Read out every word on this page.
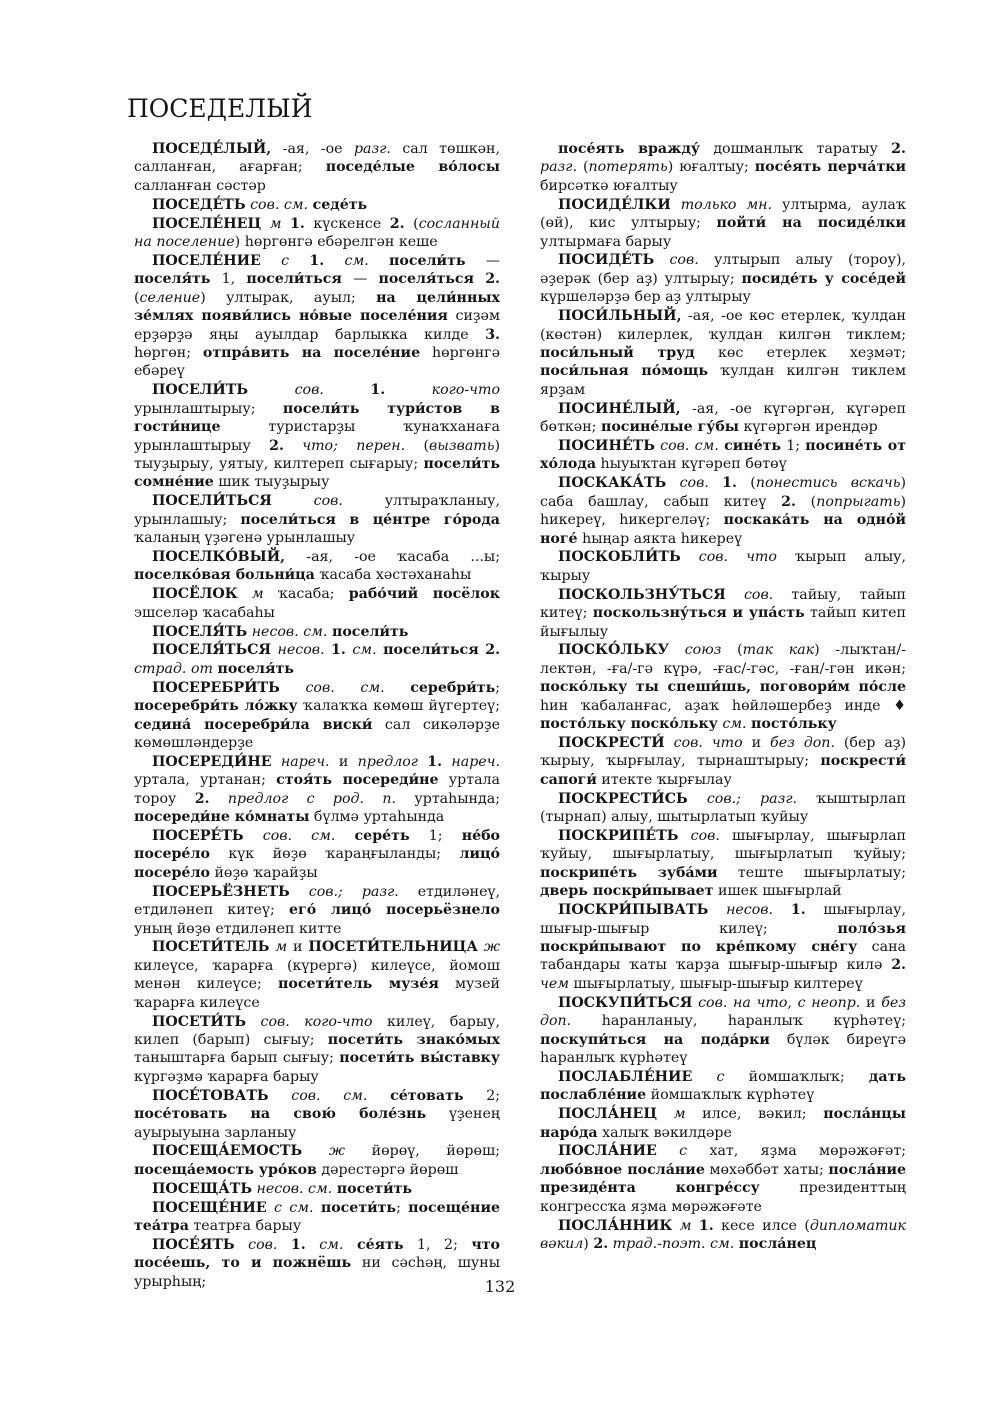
ПОСЕДЕЛЫЙ

ПОСЕДЕ́ЛЫЙ, -ая, -ое разг. сал төшкән, салланған, ағарған; поседе́лые во́лосы салланған сәстәр

ПОСЕДЕ́ТЬ сов. см. седе́ть

ПОСЕЛЕ́НЕЦ м 1. күскенсе 2. (сосланный на поселение) һөргөнгә ебәрелгән кеше

ПОСЕЛЕ́НИЕ с 1. см. посели́ть — поселя́ть 1, посели́ться — поселя́ться 2. (селение) ултырак, ауыл; на цели́нных зе́млях появи́лись но́вые поселе́ния сиҙәм ерҙәрҙә яңы ауылдар барлыкка килде 3. һөргөн; отпра́вить на поселе́ние һөргөнгә ебәреү

ПОСЕЛИ́ТЬ	сов.	1.	кого-что урынлаштырыу; посели́ть тури́стов в гости́нице туристарҙы ҡунаҡханаға урынлаштырыу 2. что; перен. (вызвать) тыуҙырыу, уятыу, килтереп сығарыу; посели́ть сомне́ние шик тыуҙырыу

ПОСЕЛИ́ТЬСЯ	сов. ултыраҡланыу, урынлашыу; посели́ться в це́нтре го́рода ҡаланың үҙәгенә урынлашыу

ПОСЕЛКО́ВЫЙ, -ая, -ое ҡасаба ...ы; поселко́вая больни́ца ҡасаба хәстәханаһы

ПОСЁЛОК м ҡасаба; рабо́чий посёлок эшселәр ҡасабаһы

ПОСЕЛЯ́ТЬ несов. см. посели́ть

ПОСЕЛЯ́ТЬСЯ несов. 1. см. посели́ться 2. страд. от поселя́ть

ПОСЕРЕБРИ́ТЬ сов. см. серебри́ть; посеребри́ть ло́жку ҡалаҡҡа көмөш йүгертеү; седина́ посеребри́ла виски́ сал сикәләрҙе көмөшләндерҙе

ПОСЕРЕДИ́НЕ нареч. и предлог 1. нареч. уртала, уртанан; стоя́ть посереди́не уртала тороу 2. предлог с род. п. уртаһында; посереди́не ко́мнаты бүлмә уртаһында

ПОСЕРЕ́ТЬ сов. см. сере́ть 1; не́бо посере́ло күк йөҙө ҡараңғыланды; лицо́ посере́ло йөҙө ҡарайҙы

ПОСЕРЬЁЗНЕТЬ сов.; разг. етдиләнеү, етдиләнеп китеү; его́ лицо́ посерьёзнело уның йөҙө етдиләнеп китте

ПОСЕТИ́ТЕЛЬ м и ПОСЕТИ́ТЕЛЬНИЦА ж килеүсе, ҡарарға (күрергә) килеүсе, йомош менән килеүсе; посети́тель музе́я музей ҡарарға килеүсе

ПОСЕТИ́ТЬ сов. кого-что килеү, барыу, килеп (барып) сығыу; посети́ть знако́мых таныштарға барып сығыу; посети́ть вы́ставку күргәҙмә ҡарарға барыу

ПОСЕ́ТОВАТЬ сов. см. се́товать 2; посе́товать на свою́ боле́знь үҙенең ауырыуына зарланыу

ПОСЕЩА́ЕМОСТЬ ж йөрөү, йөрөш; посеща́емость уро́ков дәрестәргә йөрөш

ПОСЕЩА́ТЬ несов. см. посети́ть

ПОСЕЩЕ́НИЕ с см. посети́ть; посеще́ние теа́тра театрға барыу

ПОСЕ́ЯТЬ сов. 1. см. се́ять 1, 2; что посе́ешь, то и пожнёшь ни сәсһәң, шуны урырһың;

посе́ять вражду́ дошманлыҡ таратыу 2. разг. (потерять) юғалтыу; посе́ять перча́тки бирсәткә юғалтыу

ПОСИДЕ́ЛКИ только мн. ултырма, аулаҡ (өй), кис ултырыу; пойти́ на посиде́лки ултырмаға барыу

ПОСИДЕ́ТЬ сов. ултырып алыу (тороу), әҙерәк (бер аҙ) ултырыу; посиде́ть у сосе́дей күршеләрҙә бер аҙ ултырыу

ПОСИ́ЛЬНЫЙ, -ая, -ое көс етерлек, ҡулдан (көстән) килерлек, ҡулдан килгән тиклем; поси́льный труд көс етерлек хеҙмәт; поси́льная по́мощь ҡулдан килгән тиклем ярҙам

ПОСИНЕ́ЛЫЙ, -ая, -ое күгәргән, күгәреп бөткән; посине́лые гу́бы күгәргән ирендәр

ПОСИНЕ́ТЬ сов. см. сине́ть 1; посине́ть от хо́лода һыуыҡтан күгәреп бөтөү

ПОСКАКА́ТЬ сов. 1. (понестись вскачь) саба башлау, сабып китеү 2. (попрыгать) һикереү, һикергеләү; поскака́ть на одно́й ноге́ һыңар аякта һикереү

ПОСКОБЛИ́ТЬ сов. что ҡырып алыу, ҡырыу

ПОСКОЛЬЗНУ́ТЬСЯ сов. тайыу, тайып китеү; поскользну́ться и упа́сть тайып китеп йығылыу

ПОСКО́ЛЬКУ союз (так как) -лыҡтан/-лектән, -ға/-гә күрә, -ғас/-гәс, -ған/-гән икән; поско́льку ты спеши́шь, поговори́м по́сле һин ҡабаланғас, аҙаҡ һөйләшербеҙ инде ♦ посто́льку поско́льку см. посто́льку

ПОСКРЕСТИ́ сов. что и без доп. (бер аҙ) ҡырыу, ҡырғылау, тырнаштырыу; поскрести́ сапоги́ итекте ҡырғылау

ПОСКРЕСТИ́СЬ сов.; разг. ҡыштырлап (тырнап) алыу, шытырлатып ҡуйыу

ПОСКРИПЕ́ТЬ сов. шығырлау, шығырлап ҡуйыу, шығырлатыу, шығырлатып ҡуйыу; поскрипе́ть зуба́ми теште шығырлатыу; дверь поскри́пывает ишек шығырлай

ПОСКРИ́ПЫВАТЬ несов. 1. шығырлау, шығыр-шығыр килеү; поло́зья поскри́пывают по кре́пкому сне́гу сана табандары ҡаты ҡарҙа шығыр-шығыр килә 2. чем шығырлатыу, шығыр-шығыр килтереү

ПОСКУПИ́ТЬСЯ сов. на что, с неопр. и без доп. һаранланыу, һаранлыҡ күрһәтеү; поскупи́ться на пода́рки бүләк биреүгә һаранлыҡ күрһәтеү

ПОСЛАБЛЕ́НИЕ с йомшаҡлыҡ; дать послабле́ние йомшаҡлыҡ күрһәтеү

ПОСЛА́НЕЦ м илсе, вәкил; посла́нцы наро́да халыҡ вәкилдәре

ПОСЛА́НИЕ с хат, яҙма мөрәжәғәт; любо́вное посла́ние мөхәббәт хаты; посла́ние президе́нта конгре́ссу президенттың конгрессҡа яҙма мөрәжәғәте

ПОСЛА́ННИК м 1. кесе илсе (дипломатик вәкил) 2. трад.-поэт. см. посла́нец

132
